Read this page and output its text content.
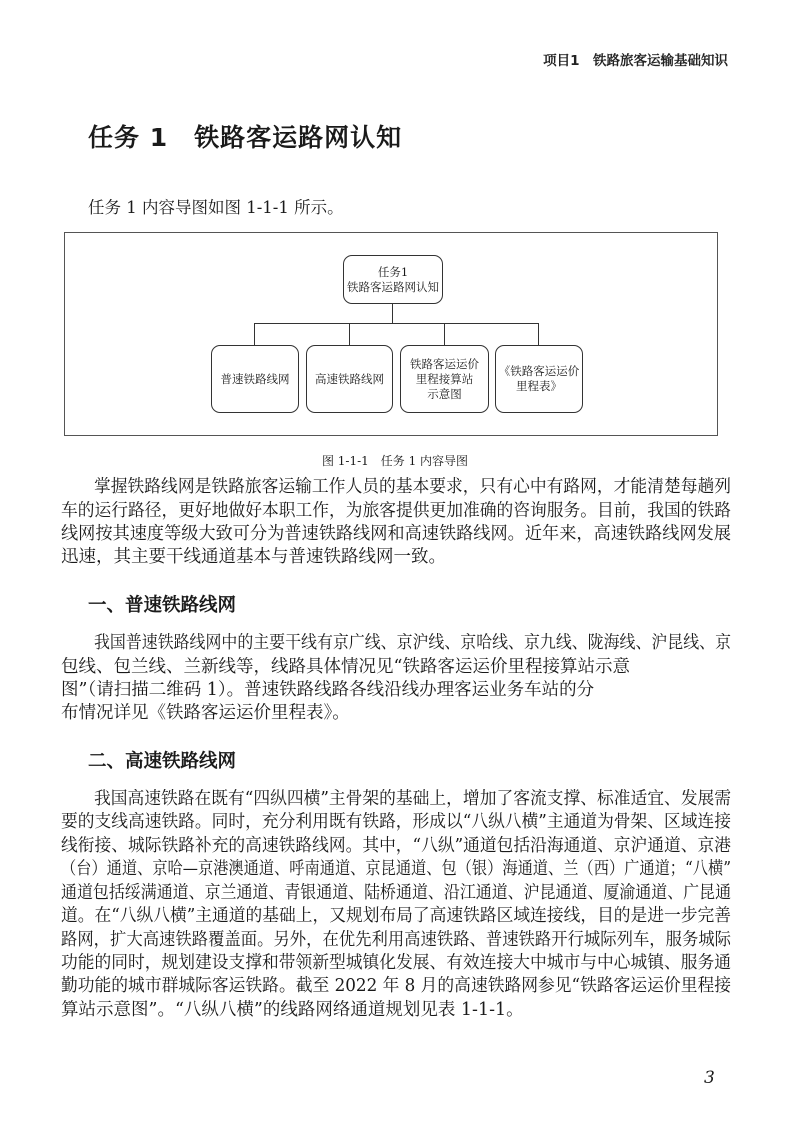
项目1　铁路旅客运输基础知识
任务 1　铁路客运路网认知
任务 1 内容导图如图 1-1-1 所示。
任务1
铁路客运路网认知
普速铁路线网 高速铁路线网
铁路客运运价
里程接算站
示意图
《铁路客运运价
里程表》
图 1-1-1　任务 1 内容导图
掌握铁路线网是铁路旅客运输工作人员的基本要求，只有心中有路网，才能清楚每趟列
车的运行路径，更好地做好本职工作，为旅客提供更加准确的咨询服务。目前，我国的铁路
线网按其速度等级大致可分为普速铁路线网和高速铁路线网。近年来，高速铁路线网发展
迅速，其主要干线通道基本与普速铁路线网一致。
一、普速铁路线网
我国普速铁路线网中的主要干线有京广线、京沪线、京哈线、京九线、陇海线、沪昆线、京
包线、包兰线、兰新线等，线路具体情况见“铁路客运运价里程接算站示意
图”（请扫描二维码 1）。普速铁路线路各线沿线办理客运业务车站的分
布情况详见《铁路客运运价里程表》。
二、高速铁路线网
我国高速铁路在既有“四纵四横”主骨架的基础上，增加了客流支撑、标准适宜、发展需
要的支线高速铁路。同时，充分利用既有铁路，形成以“八纵八横”主通道为骨架、区域连接
线衔接、城际铁路补充的高速铁路线网。其中，“八纵”通道包括沿海通道、京沪通道、京港
（台）通道、京哈—京港澳通道、呼南通道、京昆通道、包（银）海通道、兰（西）广通道；“八横”
通道包括绥满通道、京兰通道、青银通道、陆桥通道、沿江通道、沪昆通道、厦渝通道、广昆通
道。在“八纵八横”主通道的基础上，又规划布局了高速铁路区域连接线，目的是进一步完善
路网，扩大高速铁路覆盖面。另外，在优先利用高速铁路、普速铁路开行城际列车，服务城际
功能的同时，规划建设支撑和带领新型城镇化发展、有效连接大中城市与中心城镇、服务通
勤功能的城市群城际客运铁路。截至 2022 年 8 月的高速铁路网参见“铁路客运运价里程接
算站示意图”。“八纵八横”的线路网络通道规划见表 1-1-1。
3
